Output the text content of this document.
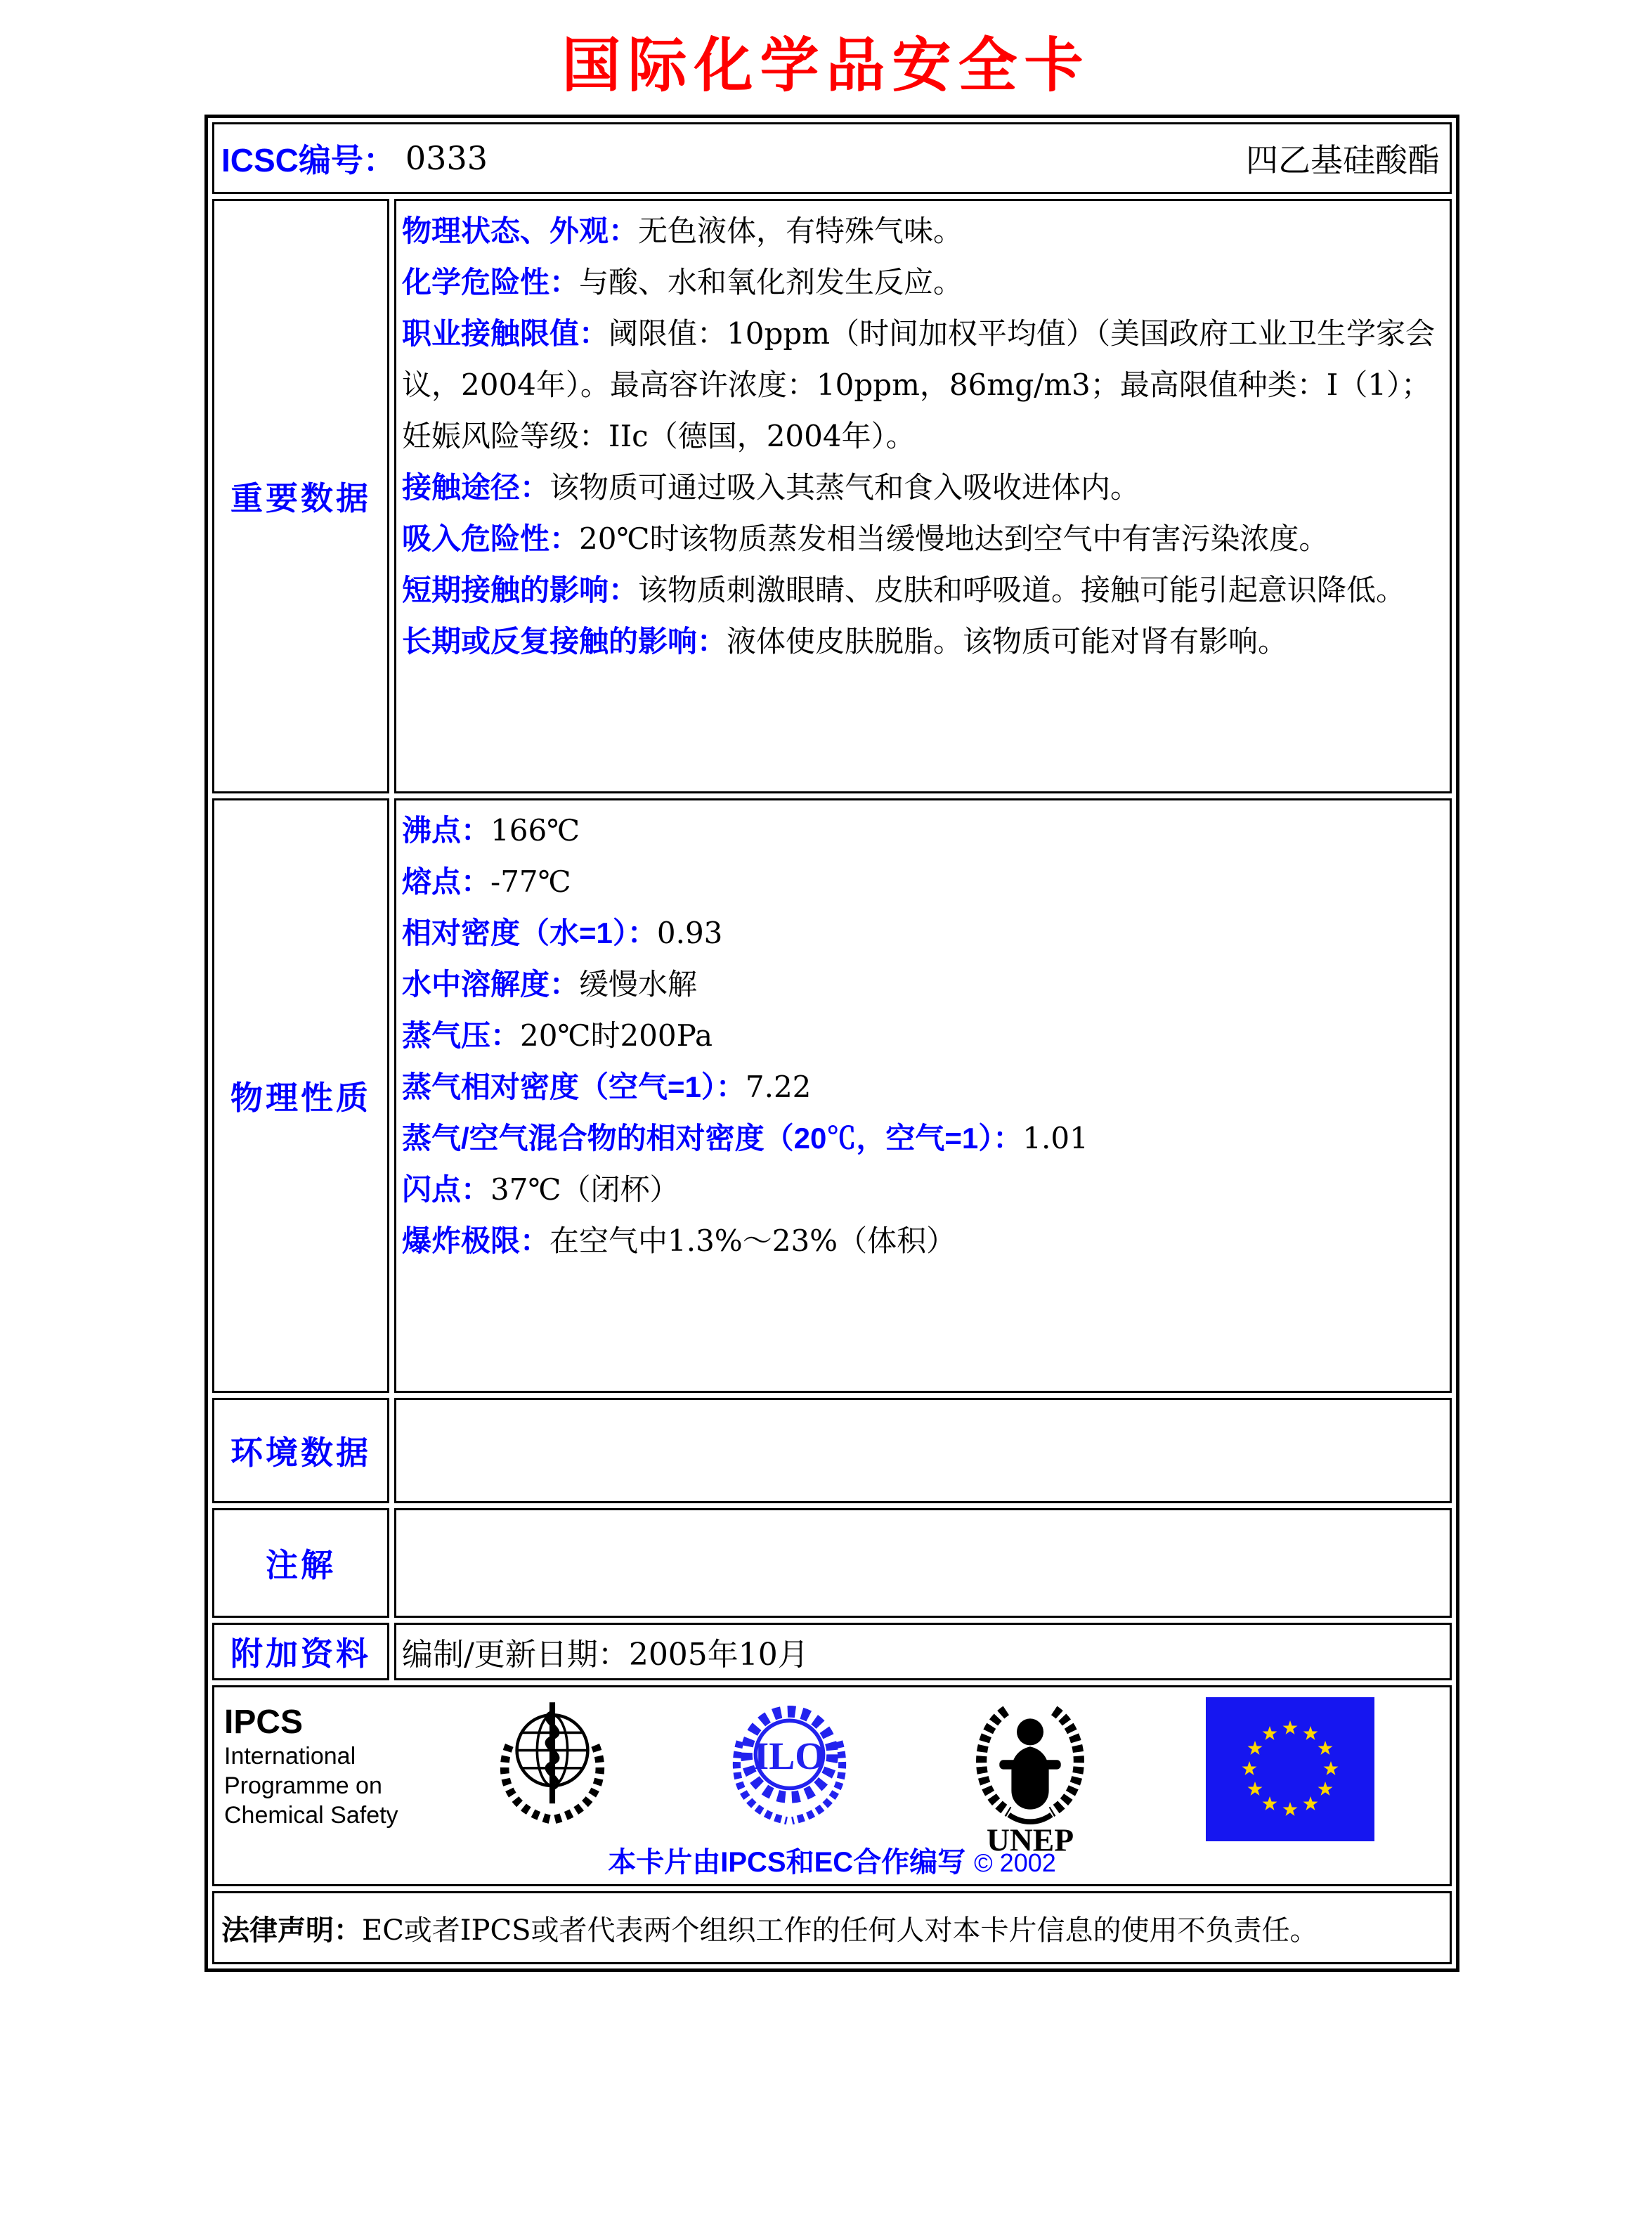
国际化学品安全卡
ICSC编号： 0333	四乙基硅酸酯
重要数据

物理状态、外观：无色液体，有特殊气味。

化学危险性：与酸、水和氧化剂发生反应。

职业接触限值：阈限值：10ppm（时间加权平均值）（美国政府工业卫生学家会议，2004年）。最高容许浓度：10ppm，86mg/m3；最高限值种类：I（1）；妊娠风险等级：IIc（德国，2004年）。

接触途径：该物质可通过吸入其蒸气和食入吸收进体内。

吸入危险性：20℃时该物质蒸发相当缓慢地达到空气中有害污染浓度。

短期接触的影响：该物质刺激眼睛、皮肤和呼吸道。接触可能引起意识降低。

长期或反复接触的影响：液体使皮肤脱脂。该物质可能对肾有影响。

物理性质

沸点：166℃

熔点：-77℃

相对密度（水=1）：0.93

水中溶解度：缓慢水解

蒸气压：20℃时200Pa

蒸气相对密度（空气=1）：7.22

蒸气/空气混合物的相对密度（20℃，空气=1）：1.01

闪点：37℃（闭杯）

爆炸极限：在空气中1.3%～23%（体积）

环境数据
注解
附加资料	编制/更新日期：2005年10月
IPCS
International
Programme on
Chemical Safety
ILO
UNEP
本卡片由IPCS和EC合作编写 © 2002
法律声明： EC或者IPCS或者代表两个组织工作的任何人对本卡片信息的使用不负责任。
